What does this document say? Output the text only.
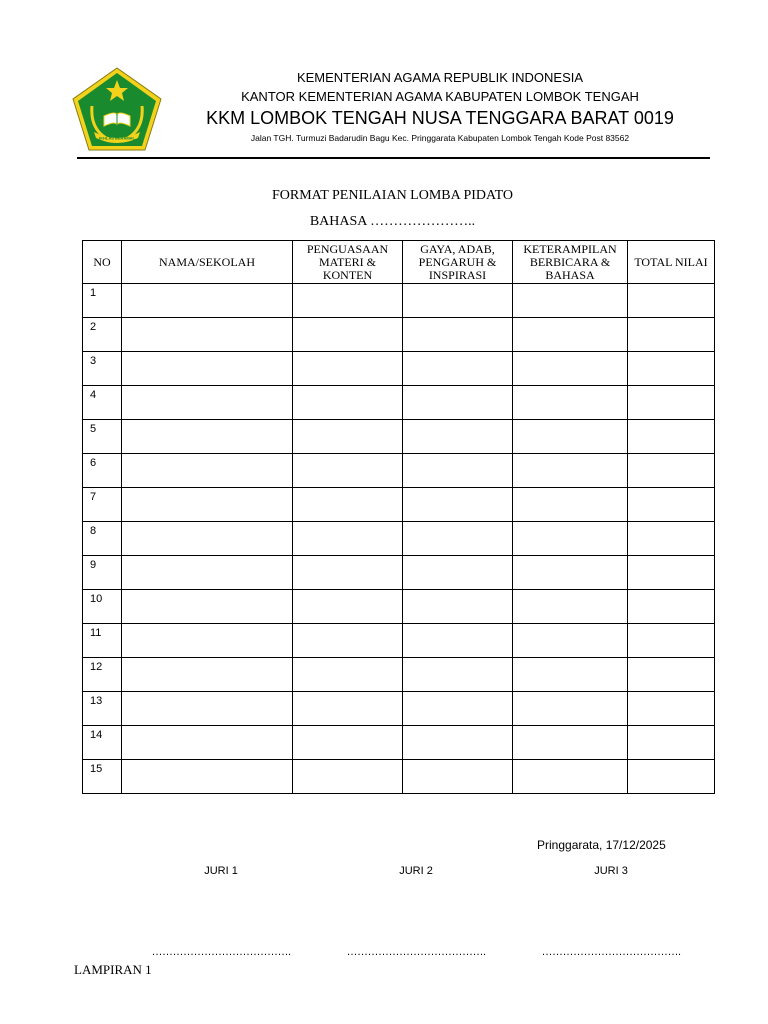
IKHLAS BERAMAL
KEMENTERIAN AGAMA REPUBLIK INDONESIA
KANTOR KEMENTERIAN AGAMA KABUPATEN LOMBOK TENGAH
KKM LOMBOK TENGAH NUSA TENGGARA BARAT 0019
Jalan TGH. Turmuzi Badarudin Bagu Kec. Pringgarata Kabupaten Lombok Tengah Kode Post 83562
FORMAT PENILAIAN LOMBA PIDATO
BAHASA …………………..
NO	NAMA/SEKOLAH	PENGUASAAN MATERI & KONTEN	GAYA, ADAB, PENGARUH & INSPIRASI	KETERAMPILAN BERBICARA & BAHASA	TOTAL NILAI
1					
2					
3					
4					
5					
6					
7					
8					
9					
10					
11					
12					
13					
14					
15					
Pringgarata, 17/12/2025
JURI 1	JURI 2	JURI 3
………………………………….	………………………………….	………………………………….
LAMPIRAN 1
